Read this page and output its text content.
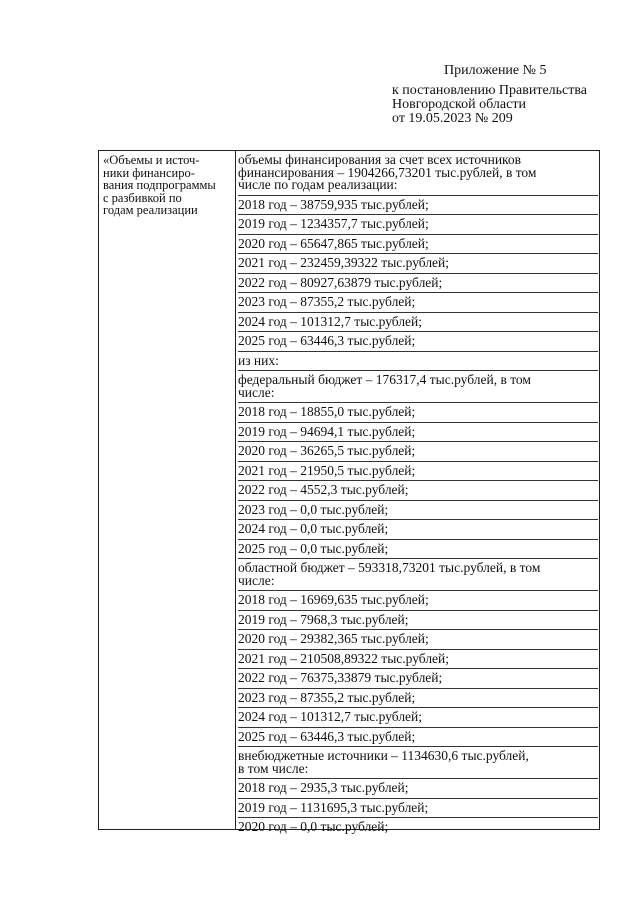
Приложение № 5
к постановлению Правительства
Новгородской области
от 19.05.2023 № 209
«Объемы и источ-
ники финансиро-
вания подпрограммы
с разбивкой по
годам реализации
объемы финансирования за счет всех источников
финансирования – 1904266,73201 тыс.рублей, в том
числе по годам реализации:
2018 год – 38759,935 тыс.рублей;
2019 год – 1234357,7 тыс.рублей;
2020 год – 65647,865 тыс.рублей;
2021 год – 232459,39322 тыс.рублей;
2022 год – 80927,63879 тыс.рублей;
2023 год – 87355,2 тыс.рублей;
2024 год – 101312,7 тыс.рублей;
2025 год – 63446,3 тыс.рублей;
из них:
федеральный бюджет – 176317,4 тыс.рублей, в том
числе:
2018 год – 18855,0 тыс.рублей;
2019 год – 94694,1 тыс.рублей;
2020 год – 36265,5 тыс.рублей;
2021 год – 21950,5 тыс.рублей;
2022 год – 4552,3 тыс.рублей;
2023 год – 0,0 тыс.рублей;
2024 год – 0,0 тыс.рублей;
2025 год – 0,0 тыс.рублей;
областной бюджет – 593318,73201 тыс.рублей, в том
числе:
2018 год – 16969,635 тыс.рублей;
2019 год – 7968,3 тыс.рублей;
2020 год – 29382,365 тыс.рублей;
2021 год – 210508,89322 тыс.рублей;
2022 год – 76375,33879 тыс.рублей;
2023 год – 87355,2 тыс.рублей;
2024 год – 101312,7 тыс.рублей;
2025 год – 63446,3 тыс.рублей;
внебюджетные источники – 1134630,6 тыс.рублей,
в том числе:
2018 год – 2935,3 тыс.рублей;
2019 год – 1131695,3 тыс.рублей;
2020 год – 0,0 тыс.рублей;
